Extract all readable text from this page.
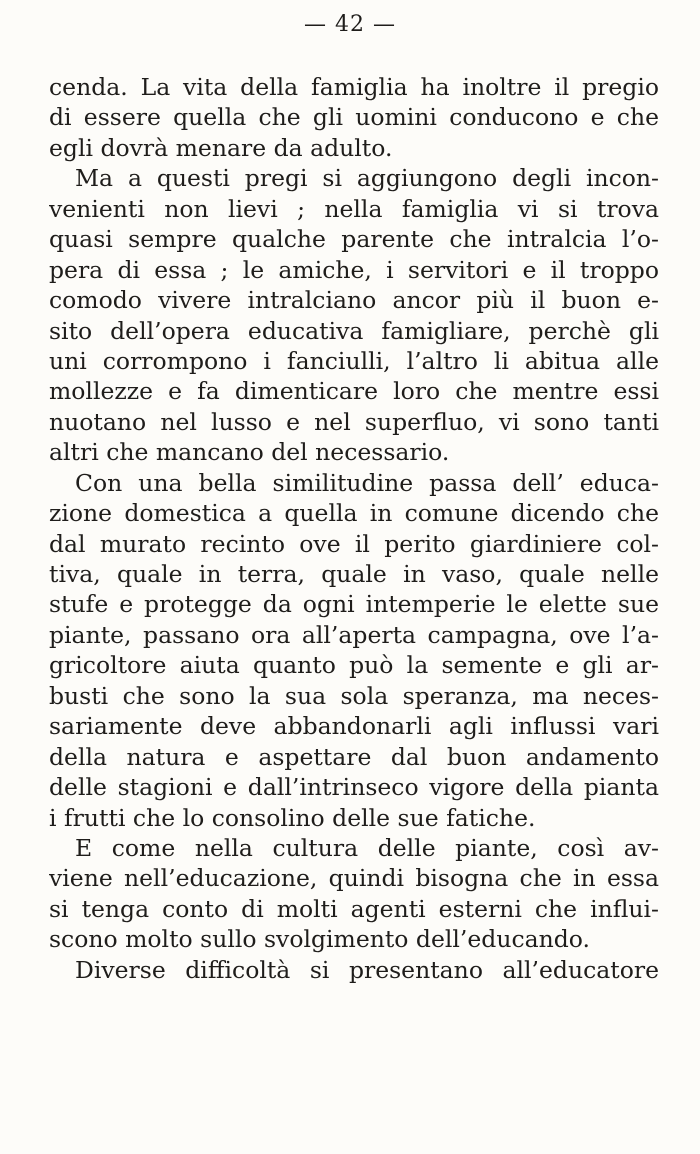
— 42 —
cenda. La vita della famiglia ha inoltre il pregio
di essere quella che gli uomini conducono e che
egli dovrà menare da adulto.
Ma a questi pregi si aggiungono degli incon-
venienti non lievi ; nella famiglia vi si trova
quasi sempre qualche parente che intralcia l’o-
pera di essa ; le amiche, i servitori e il troppo
comodo vivere intralciano ancor più il buon e-
sito dell’opera educativa famigliare, perchè gli
uni corrompono i fanciulli, l’altro li abitua alle
mollezze e fa dimenticare loro che mentre essi
nuotano nel lusso e nel superfluo, vi sono tanti
altri che mancano del necessario.
Con una bella similitudine passa dell’ educa-
zione domestica a quella in comune dicendo che
dal murato recinto ove il perito giardiniere col-
tiva, quale in terra, quale in vaso, quale nelle
stufe e protegge da ogni intemperie le elette sue
piante, passano ora all’aperta campagna, ove l’a-
gricoltore aiuta quanto può la semente e gli ar-
busti che sono la sua sola speranza, ma neces-
sariamente deve abbandonarli agli influssi vari
della natura e aspettare dal buon andamento
delle stagioni e dall’intrinseco vigore della pianta
i frutti che lo consolino delle sue fatiche.
E come nella cultura delle piante, così av-
viene nell’educazione, quindi bisogna che in essa
si tenga conto di molti agenti esterni che influi-
scono molto sullo svolgimento dell’educando.
Diverse difficoltà si presentano all’educatore
